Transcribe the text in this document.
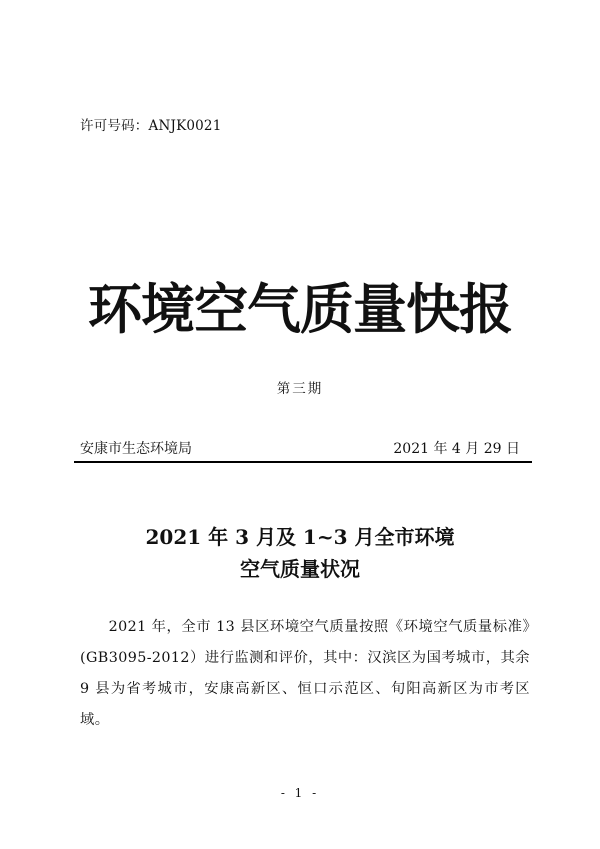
许可号码：ANJK0021
环境空气质量快报
第三期
安康市生态环境局	2021 年 4 月 29 日
2021 年 3 月及 1~3 月全市环境
空气质量状况

2021 年，全市 13 县区环境空气质量按照《环境空气质量标准》(GB3095-2012）进行监测和评价，其中：汉滨区为国考城市，其余 9 县为省考城市，安康高新区、恒口示范区、旬阳高新区为市考区域。

- 1 -
